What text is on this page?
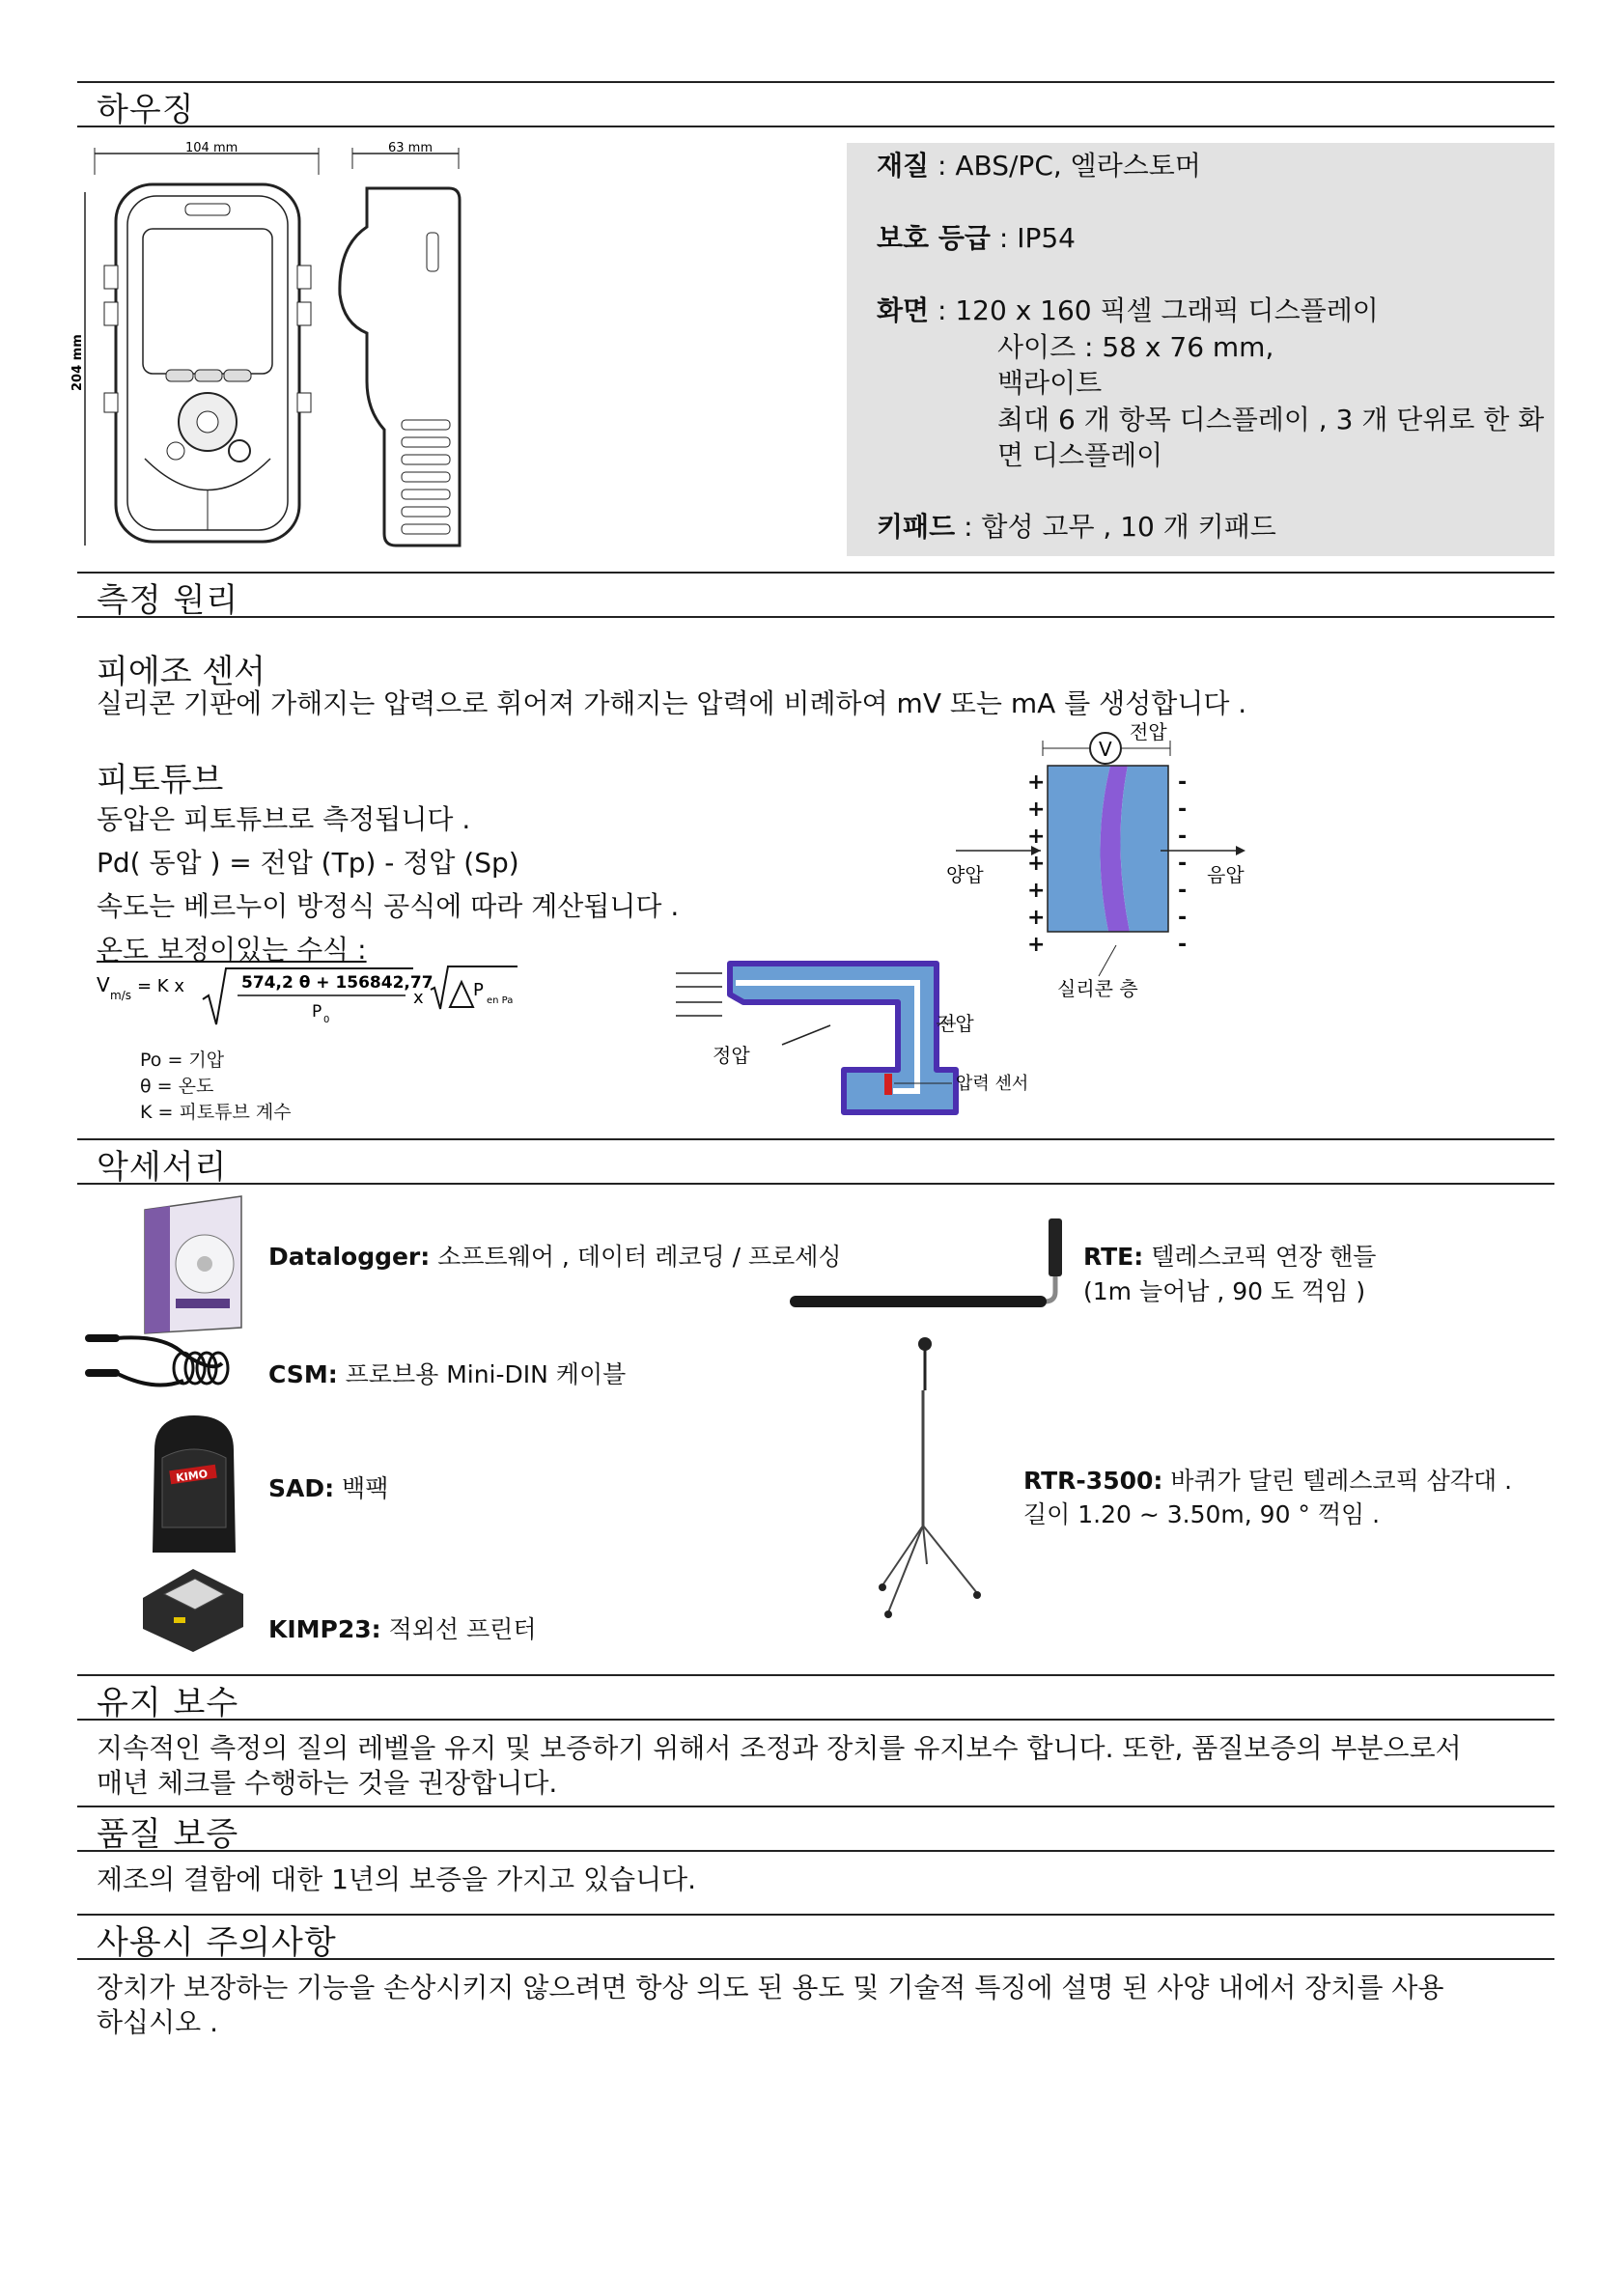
하우징
104 mm
204 mm
63 mm
재질 : ABS/PC, 엘라스토머
보호 등급 : IP54
화면 : 120 x 160 픽셀 그래픽 디스플레이
사이즈 : 58 x 76 mm,
백라이트
최대 6 개 항목 디스플레이 , 3 개 단위로 한 화
면 디스플레이
키패드 : 합성 고무 , 10 개 키패드
측정 원리
피에조 센서
실리콘 기판에 가해지는 압력으로 휘어져 가해지는 압력에 비례하여 mV 또는 mA 를 생성합니다 .
피토튜브
동압은 피토튜브로 측정됩니다 .
Pd( 동압 ) = 전압 (Tp) - 정압 (Sp)
속도는 베르누이 방정식 공식에 따라 계산됩니다 .
온도 보정이있는 수식 :
V m/s = K x	574,2 θ + 156842,77
P 0
x	P
en Pa
Po = 기압
θ = 온도
K = 피토튜브 계수
전압
V
+
+
+
+
+
+
+
-
-
-
-
-
-
-
양압	음압
실리콘 층
전압
정압
압력 센서
악세서리
Datalogger: 소프트웨어 , 데이터 레코딩 / 프로세싱
CSM: 프로브용 Mini-DIN 케이블
KIMO SAD: 백팩
KIMP23: 적외선 프린터
RTE: 텔레스코픽 연장 핸들
(1m 늘어남 , 90 도 꺽임 )
RTR-3500: 바퀴가 달린 텔레스코픽 삼각대 .
길이 1.20 ~ 3.50m, 90 ° 꺽임 .
유지 보수
지속적인 측정의 질의 레벨을 유지 및 보증하기 위해서 조정과 장치를 유지보수 합니다. 또한, 품질보증의 부분으로서
매년 체크를 수행하는 것을 권장합니다.
품질 보증
제조의 결함에 대한 1년의 보증을 가지고 있습니다.
사용시 주의사항
장치가 보장하는 기능을 손상시키지 않으려면 항상 의도 된 용도 및 기술적 특징에 설명 된 사양 내에서 장치를 사용
하십시오 .
